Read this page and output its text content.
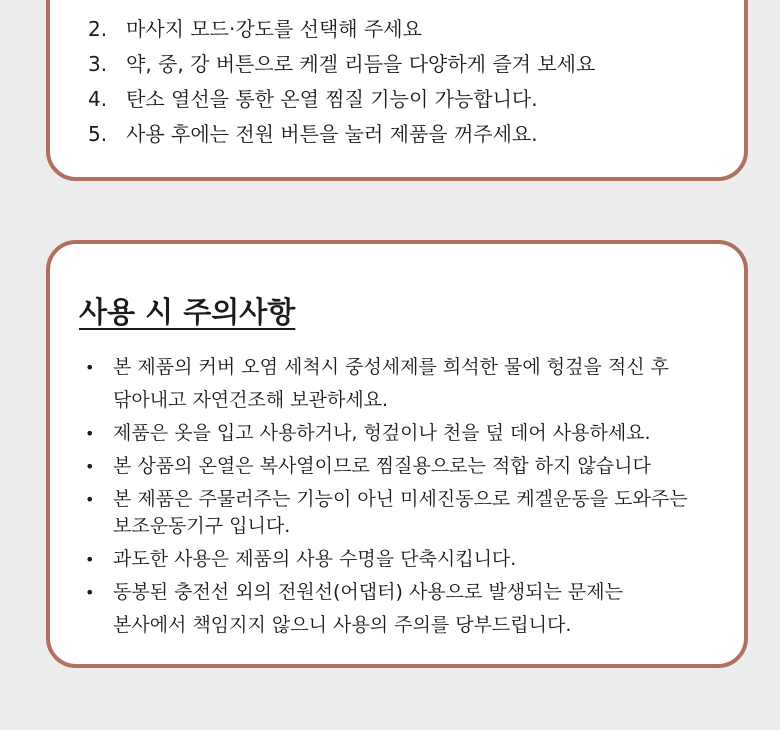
2. 마사지 모드·강도를 선택해 주세요
3. 약, 중, 강 버튼으로 케겔 리듬을 다양하게 즐겨 보세요
4. 탄소 열선을 통한 온열 찜질 기능이 가능합니다.
5. 사용 후에는 전원 버튼을 눌러 제품을 꺼주세요.
사용 시 주의사항
• 본 제품의 커버 오염 세척시 중성세제를 희석한 물에 헝겊을 적신 후
닦아내고 자연건조해 보관하세요.
• 제품은 옷을 입고 사용하거나, 헝겊이나 천을 덮 데어 사용하세요.
• 본 상품의 온열은 복사열이므로 찜질용으로는 적합 하지 않습니다
• 본 제품은 주물러주는 기능이 아닌 미세진동으로 케겔운동을 도와주는
보조운동기구 입니다.
• 과도한 사용은 제품의 사용 수명을 단축시킵니다.
• 동봉된 충전선 외의 전원선(어댑터) 사용으로 발생되는 문제는
본사에서 책임지지 않으니 사용의 주의를 당부드립니다.
